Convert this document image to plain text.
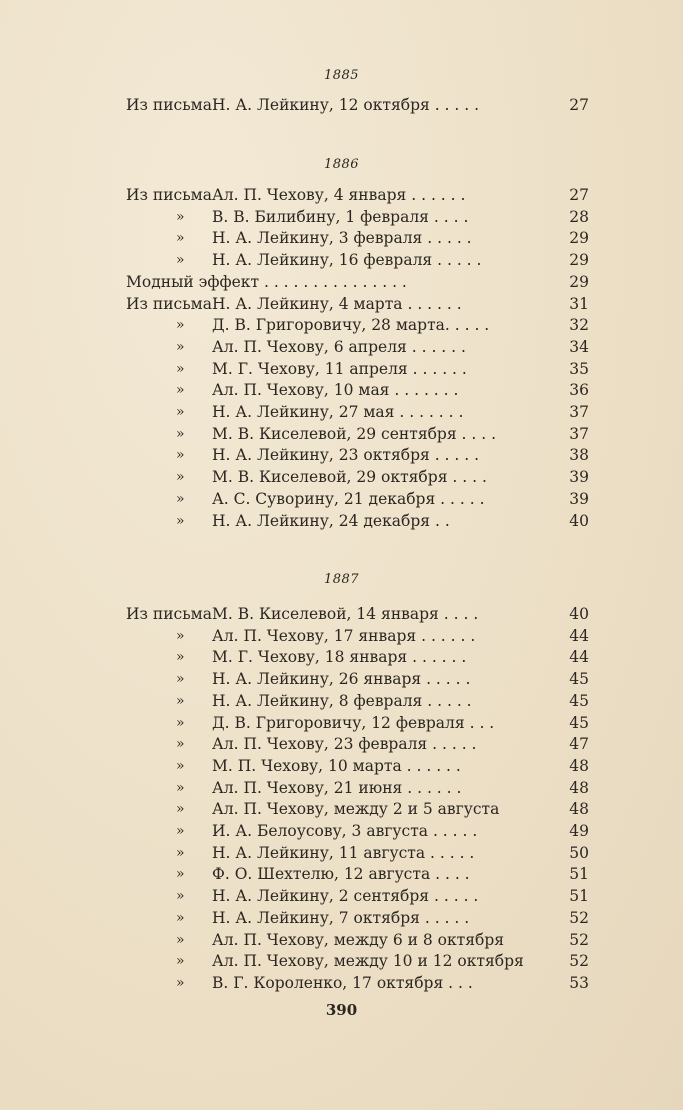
1885
Из письма Н. А. Лейкину, 12 октября . . . . .	27
1886
Из письма Ал. П. Чехову, 4 января . . . . . .	27
» В. В. Билибину, 1 февраля . . . .	28
» Н. А. Лейкину, 3 февраля . . . . .	29
» Н. А. Лейкину, 16 февраля . . . . .	29
Модный эффект . . . . . . . . . . . . . . .	29
Из письма Н. А. Лейкину, 4 марта . . . . . .	31
» Д. В. Григоровичу, 28 марта. . . . .	32
» Ал. П. Чехову, 6 апреля . . . . . .	34
» М. Г. Чехову, 11 апреля . . . . . .	35
» Ал. П. Чехову, 10 мая . . . . . . .	36
» Н. А. Лейкину, 27 мая . . . . . . .	37
» М. В. Киселевой, 29 сентября . . . .	37
» Н. А. Лейкину, 23 октября . . . . .	38
» М. В. Киселевой, 29 октября . . . .	39
» А. С. Суворину, 21 декабря . . . . .	39
» Н. А. Лейкину, 24 декабря . .	40
1887
Из письма М. В. Киселевой, 14 января . . . .	40
» Ал. П. Чехову, 17 января . . . . . .	44
» М. Г. Чехову, 18 января . . . . . .	44
» Н. А. Лейкину, 26 января . . . . .	45
» Н. А. Лейкину, 8 февраля . . . . .	45
» Д. В. Григоровичу, 12 февраля . . .	45
» Ал. П. Чехову, 23 февраля . . . . .	47
» М. П. Чехову, 10 марта . . . . . .	48
» Ал. П. Чехову, 21 июня . . . . . .	48
» Ал. П. Чехову, между 2 и 5 августа	48
» И. А. Белоусову, 3 августа . . . . .	49
» Н. А. Лейкину, 11 августа . . . . .	50
» Ф. О. Шехтелю, 12 августа . . . .	51
» Н. А. Лейкину, 2 сентября . . . . .	51
» Н. А. Лейкину, 7 октября . . . . .	52
» Ал. П. Чехову, между 6 и 8 октября	52
» Ал. П. Чехову, между 10 и 12 октября	52
» В. Г. Короленко, 17 октября . . .	53
390
